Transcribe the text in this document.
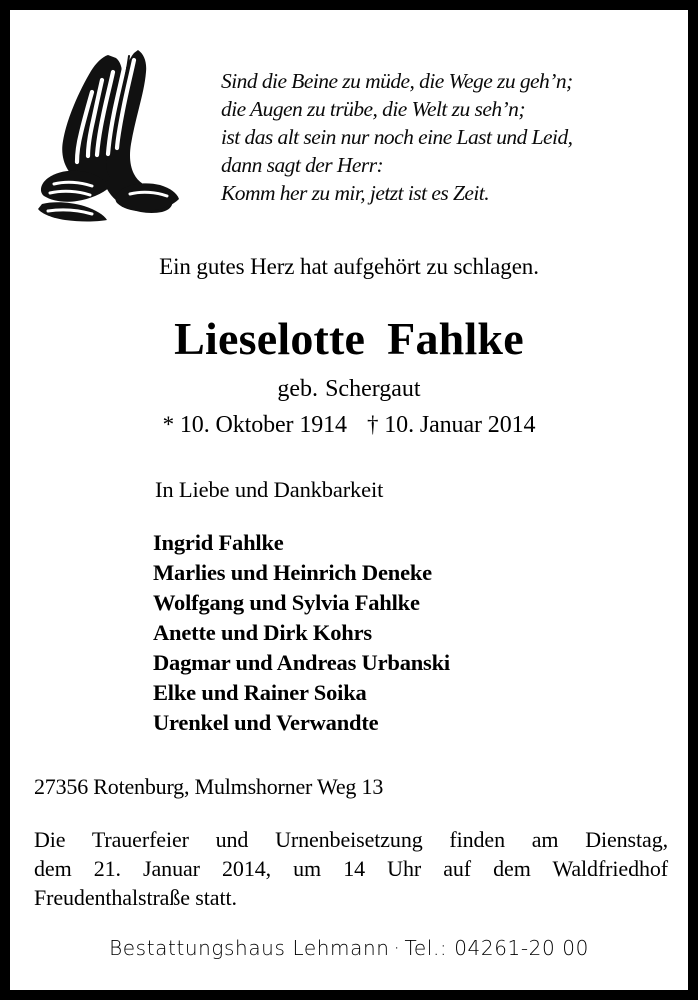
Sind die Beine zu müde, die Wege zu geh’n;
die Augen zu trübe, die Welt zu seh’n;
ist das alt sein nur noch eine Last und Leid,
dann sagt der Herr:
Komm her zu mir, jetzt ist es Zeit.
Ein gutes Herz hat aufgehört zu schlagen.
Lieselotte Fahlke
geb. Schergaut
* 10. Oktober 1914 † 10. Januar 2014
In Liebe und Dankbarkeit
Ingrid Fahlke
Marlies und Heinrich Deneke
Wolfgang und Sylvia Fahlke
Anette und Dirk Kohrs
Dagmar und Andreas Urbanski
Elke und Rainer Soika
Urenkel und Verwandte
27356 Rotenburg, Mulmshorner Weg 13
Die Trauerfeier und Urnenbeisetzung finden am Dienstag,
dem 21. Januar 2014, um 14 Uhr auf dem Waldfriedhof
Freudenthalstraße statt.
Bestattungshaus Lehmann · Tel.: 04261-20 00
